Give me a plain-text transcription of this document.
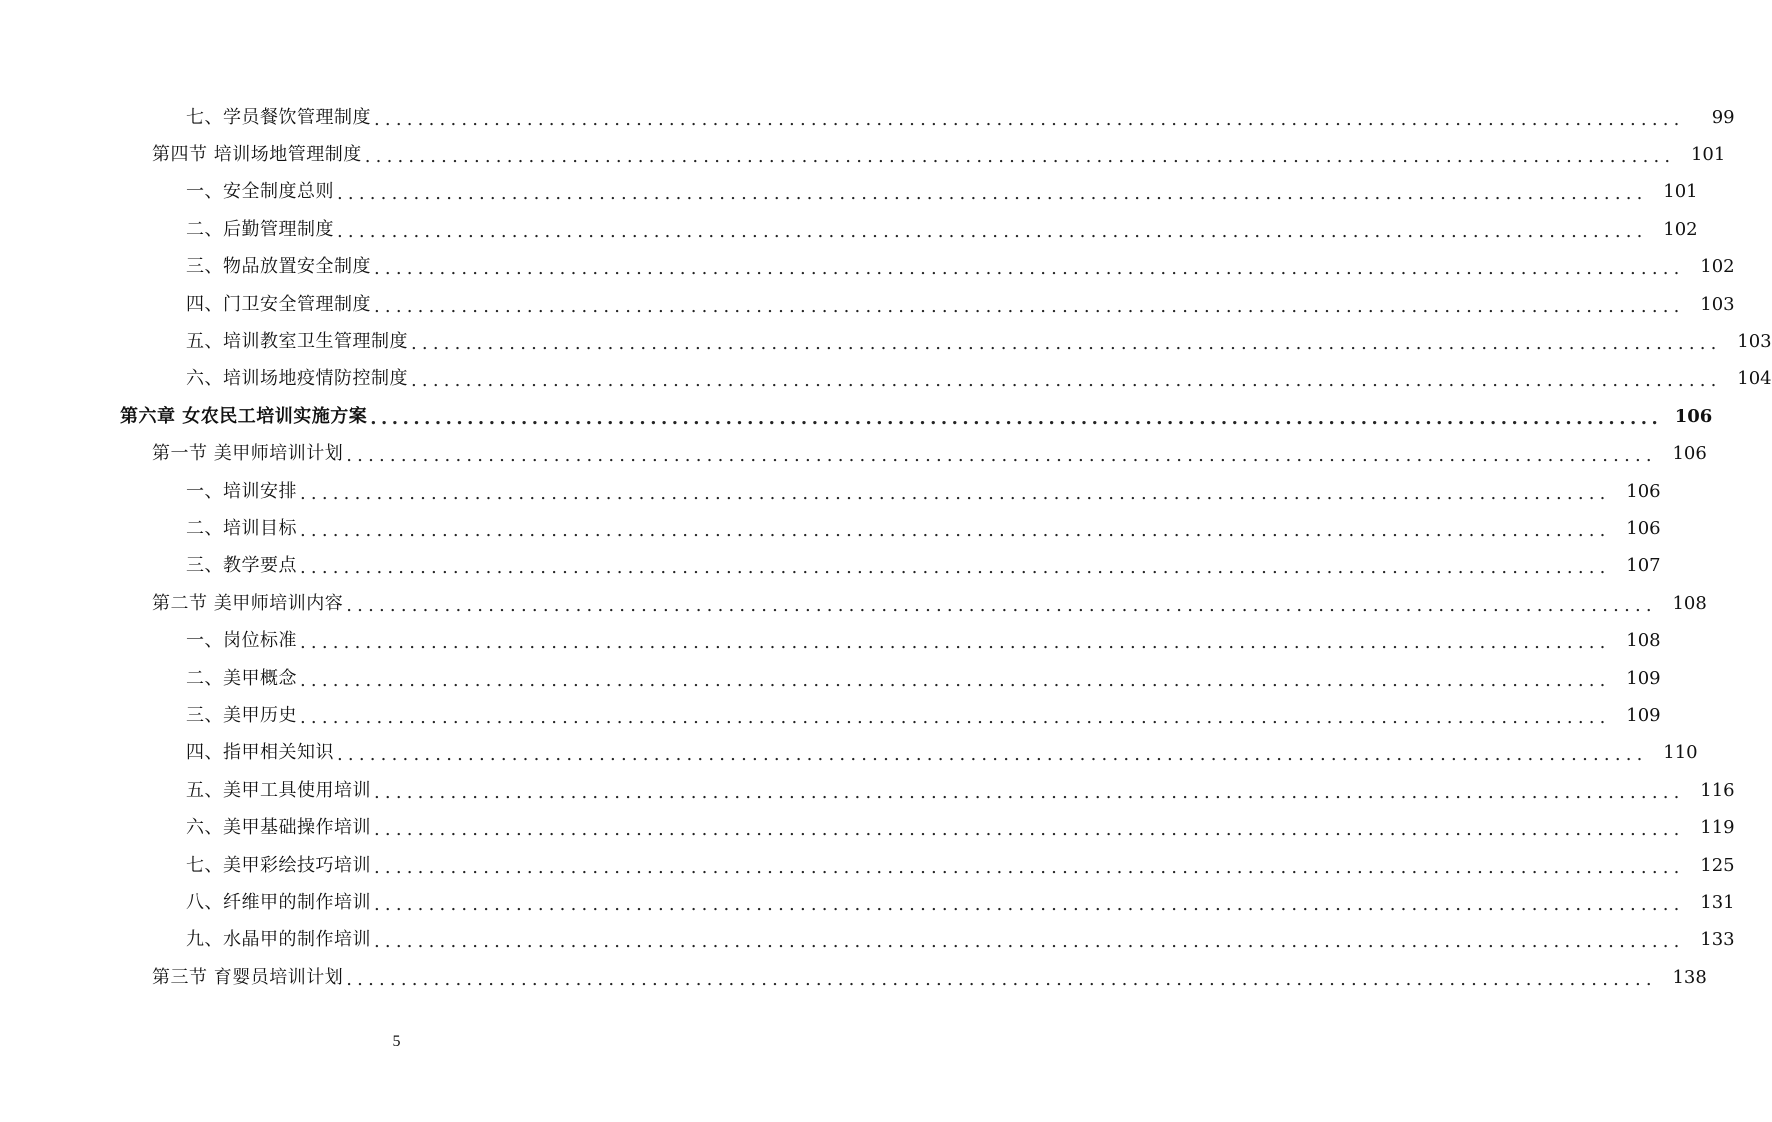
七、学员餐饮管理制度 ........................................................................................................................	99
第四节 培训场地管理制度 ........................................................................................................................ 101
一、安全制度总则 ........................................................................................................................ 101
二、后勤管理制度 ........................................................................................................................ 102
三、物品放置安全制度 ........................................................................................................................ 102
四、门卫安全管理制度 ........................................................................................................................ 103
五、培训教室卫生管理制度 ........................................................................................................................ 103
六、培训场地疫情防控制度 ........................................................................................................................ 104
第六章 女农民工培训实施方案 ........................................................................................................................ 106
第一节 美甲师培训计划 ........................................................................................................................ 106
一、培训安排 ........................................................................................................................ 106
二、培训目标 ........................................................................................................................ 106
三、教学要点 ........................................................................................................................ 107
第二节 美甲师培训内容 ........................................................................................................................ 108
一、岗位标准 ........................................................................................................................ 108
二、美甲概念 ........................................................................................................................ 109
三、美甲历史 ........................................................................................................................ 109
四、指甲相关知识 ........................................................................................................................ 110
五、美甲工具使用培训 ........................................................................................................................ 116
六、美甲基础操作培训 ........................................................................................................................ 119
七、美甲彩绘技巧培训 ........................................................................................................................ 125
八、纤维甲的制作培训 ........................................................................................................................ 131
九、水晶甲的制作培训 ........................................................................................................................ 133
第三节 育婴员培训计划 ........................................................................................................................ 138
5
